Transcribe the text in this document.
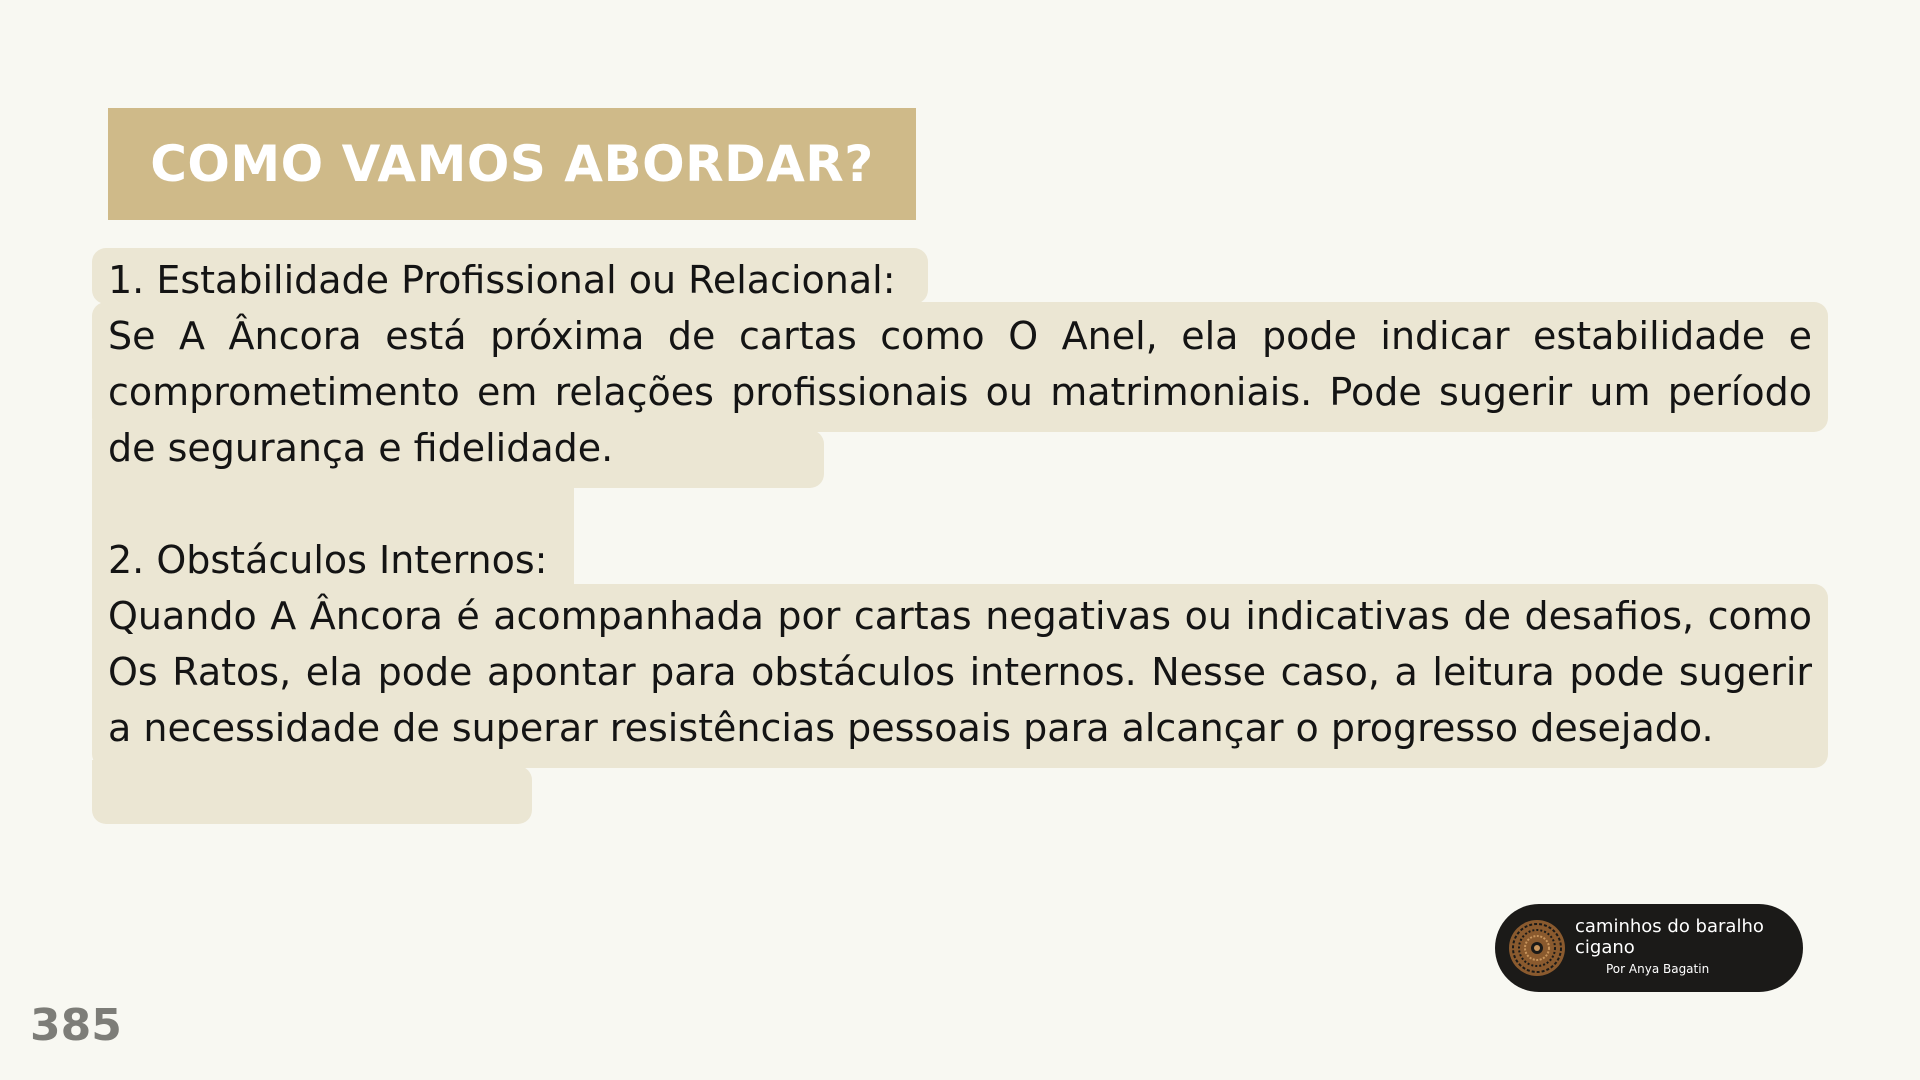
COMO VAMOS ABORDAR?

1. Estabilidade Profissional ou Relacional:

Se A Âncora está próxima de cartas como O Anel, ela pode indicar estabilidade e comprometimento em relações profissionais ou matrimoniais. Pode sugerir um período de segurança e fidelidade.

2. Obstáculos Internos:

Quando A Âncora é acompanhada por cartas negativas ou indicativas de desafios, como Os Ratos, ela pode apontar para obstáculos internos. Nesse caso, a leitura pode sugerir a necessidade de superar resistências pessoais para alcançar o progresso desejado.

caminhos do baralho cigano
Por Anya Bagatin
385
